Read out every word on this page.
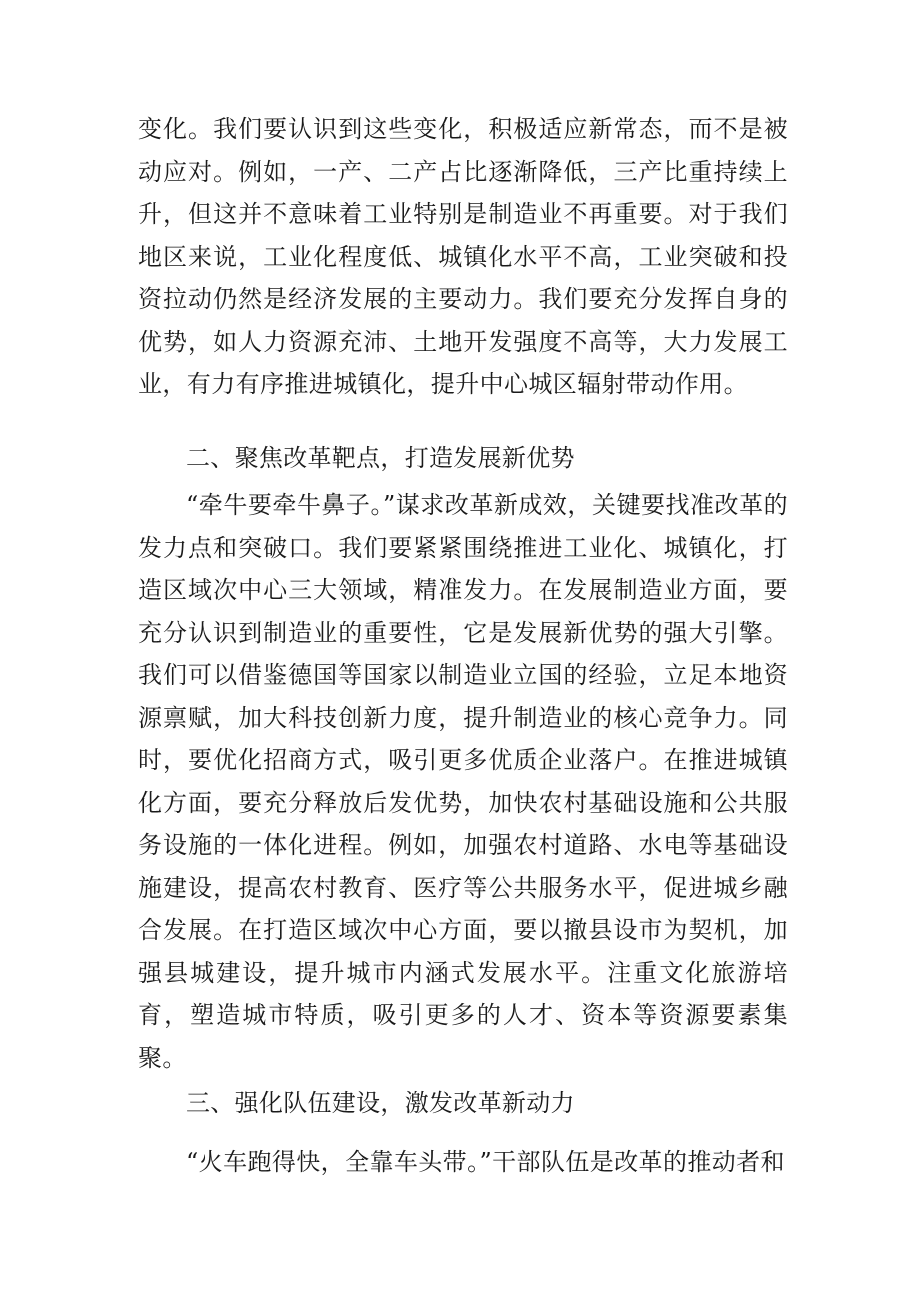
变化。我们要认识到这些变化，积极适应新常态，而不是被动应对。例如，一产、二产占比逐渐降低，三产比重持续上升，但这并不意味着工业特别是制造业不再重要。对于我们地区来说，工业化程度低、城镇化水平不高，工业突破和投资拉动仍然是经济发展的主要动力。我们要充分发挥自身的优势，如人力资源充沛、土地开发强度不高等，大力发展工业，有力有序推进城镇化，提升中心城区辐射带动作用。

二、聚焦改革靶点，打造发展新优势

“牵牛要牵牛鼻子。”谋求改革新成效，关键要找准改革的发力点和突破口。我们要紧紧围绕推进工业化、城镇化，打造区域次中心三大领域，精准发力。在发展制造业方面，要充分认识到制造业的重要性，它是发展新优势的强大引擎。我们可以借鉴德国等国家以制造业立国的经验，立足本地资源禀赋，加大科技创新力度，提升制造业的核心竞争力。同时，要优化招商方式，吸引更多优质企业落户。在推进城镇化方面，要充分释放后发优势，加快农村基础设施和公共服务设施的一体化进程。例如，加强农村道路、水电等基础设施建设，提高农村教育、医疗等公共服务水平，促进城乡融合发展。在打造区域次中心方面，要以撤县设市为契机，加强县城建设，提升城市内涵式发展水平。注重文化旅游培育，塑造城市特质，吸引更多的人才、资本等资源要素集聚。

三、强化队伍建设，激发改革新动力

“火车跑得快，全靠车头带。”干部队伍是改革的推动者和
